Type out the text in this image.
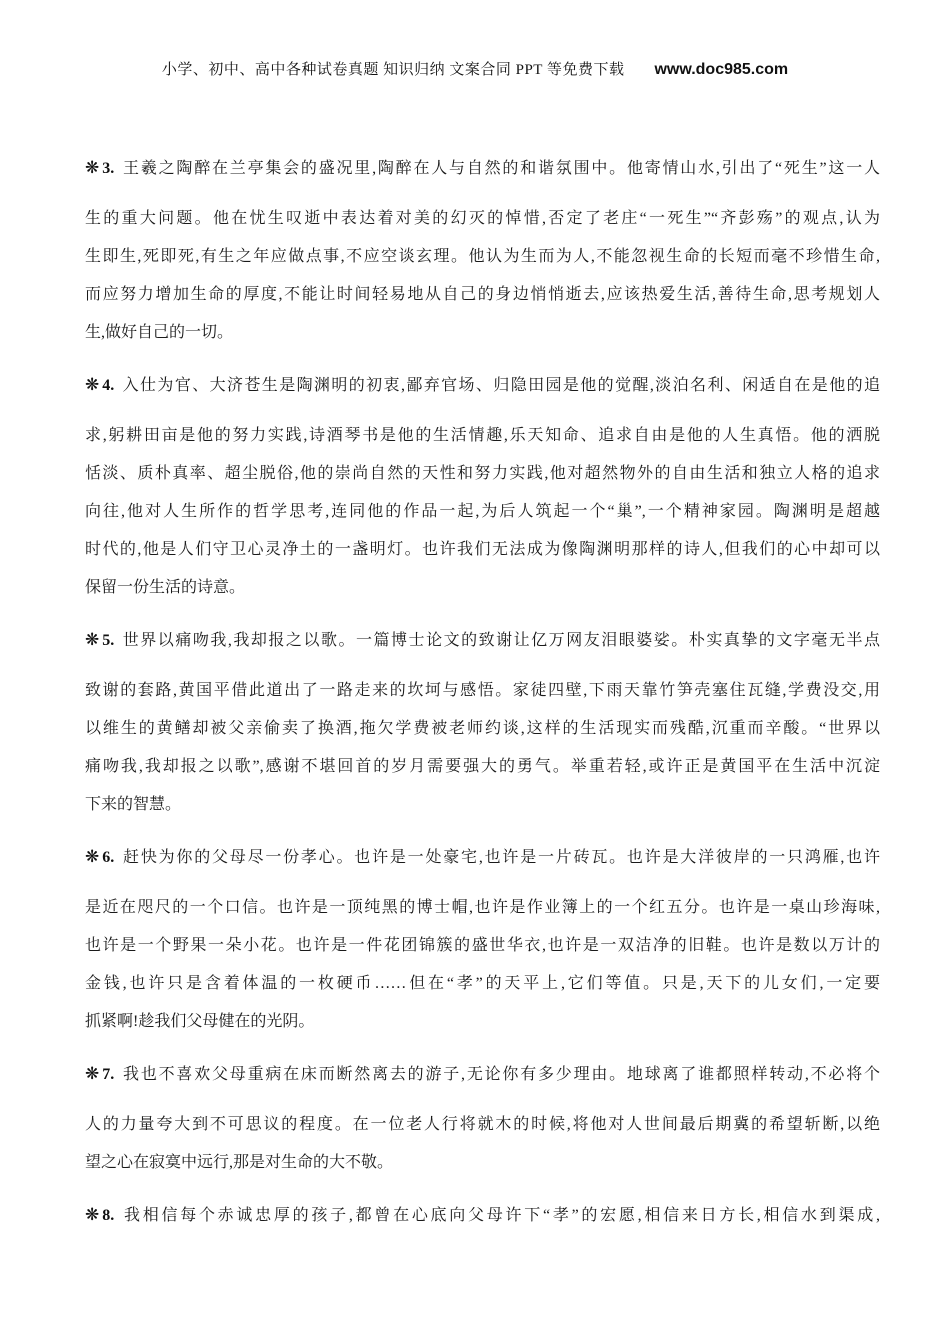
小学、初中、高中各种试卷真题 知识归纳 文案合同 PPT 等免费下载 www.doc985.com
❋ 3. 王羲之陶醉在兰亭集会的盛况里,陶醉在人与自然的和谐氛围中。他寄情山水,引出了“死生”这一人
生的重大问题。他在忧生叹逝中表达着对美的幻灭的悼惜,否定了老庄“一死生”“齐彭殇”的观点,认为
生即生,死即死,有生之年应做点事,不应空谈玄理。他认为生而为人,不能忽视生命的长短而毫不珍惜生命,
而应努力增加生命的厚度,不能让时间轻易地从自己的身边悄悄逝去,应该热爱生活,善待生命,思考规划人
生,做好自己的一切。
❋ 4. 入仕为官、大济苍生是陶渊明的初衷,鄙弃官场、归隐田园是他的觉醒,淡泊名利、闲适自在是他的追
求,躬耕田亩是他的努力实践,诗酒琴书是他的生活情趣,乐天知命、追求自由是他的人生真悟。他的洒脱
恬淡、质朴真率、超尘脱俗,他的崇尚自然的天性和努力实践,他对超然物外的自由生活和独立人格的追求
向往,他对人生所作的哲学思考,连同他的作品一起,为后人筑起一个“巢”,一个精神家园。陶渊明是超越
时代的,他是人们守卫心灵净土的一盏明灯。也许我们无法成为像陶渊明那样的诗人,但我们的心中却可以
保留一份生活的诗意。
❋ 5. 世界以痛吻我,我却报之以歌。一篇博士论文的致谢让亿万网友泪眼婆娑。朴实真挚的文字毫无半点
致谢的套路,黄国平借此道出了一路走来的坎坷与感悟。家徒四壁,下雨天靠竹笋壳塞住瓦缝,学费没交,用
以维生的黄鳝却被父亲偷卖了换酒,拖欠学费被老师约谈,这样的生活现实而残酷,沉重而辛酸。“世界以
痛吻我,我却报之以歌”,感谢不堪回首的岁月需要强大的勇气。举重若轻,或许正是黄国平在生活中沉淀
下来的智慧。
❋ 6. 赶快为你的父母尽一份孝心。也许是一处豪宅,也许是一片砖瓦。也许是大洋彼岸的一只鸿雁,也许
是近在咫尺的一个口信。也许是一顶纯黑的博士帽,也许是作业簿上的一个红五分。也许是一桌山珍海味,
也许是一个野果一朵小花。也许是一件花团锦簇的盛世华衣,也许是一双洁净的旧鞋。也许是数以万计的
金钱,也许只是含着体温的一枚硬币……但在“孝”的天平上,它们等值。只是,天下的儿女们,一定要
抓紧啊!趁我们父母健在的光阴。
❋ 7. 我也不喜欢父母重病在床而断然离去的游子,无论你有多少理由。地球离了谁都照样转动,不必将个
人的力量夸大到不可思议的程度。在一位老人行将就木的时候,将他对人世间最后期冀的希望斩断,以绝
望之心在寂寞中远行,那是对生命的大不敬。
❋ 8. 我相信每个赤诚忠厚的孩子,都曾在心底向父母许下“孝”的宏愿,相信来日方长,相信水到渠成,
